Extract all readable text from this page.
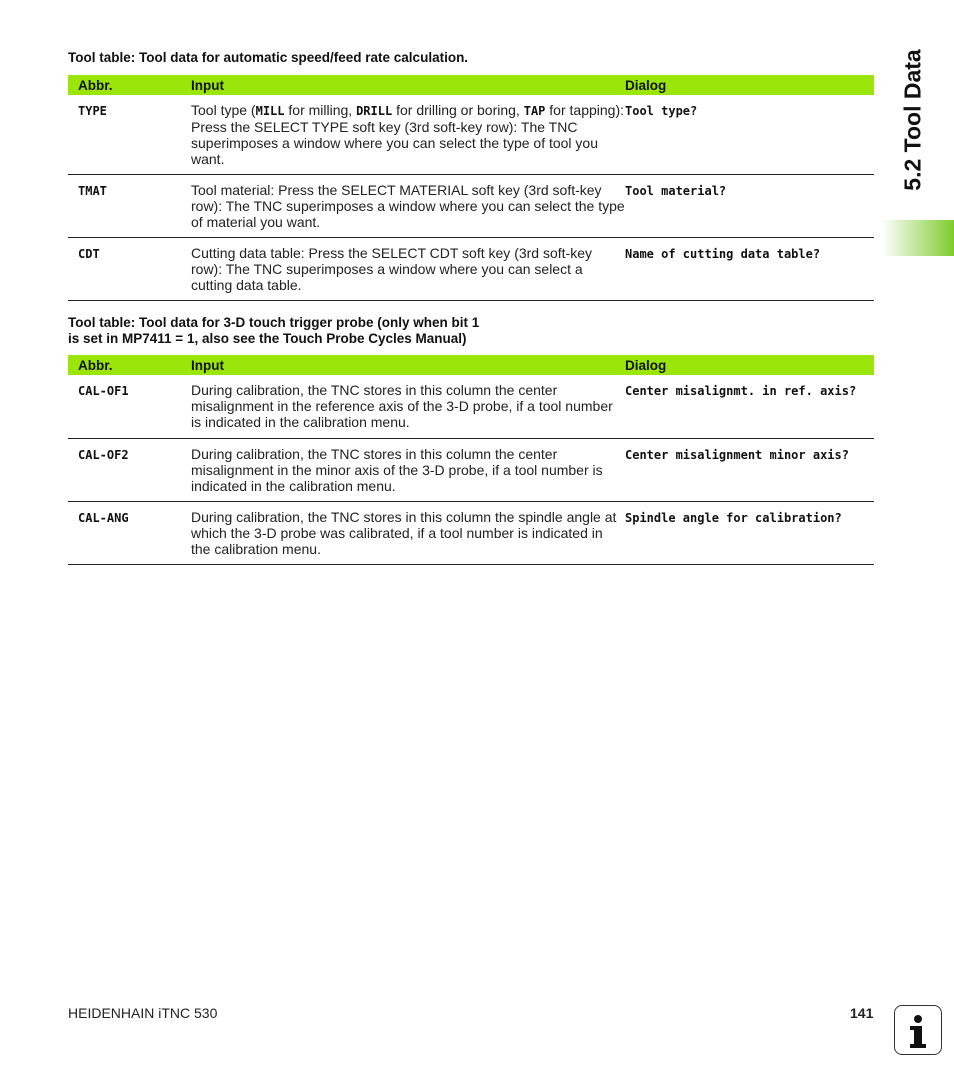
Tool table: Tool data for automatic speed/feed rate calculation.
Abbr.	Input	Dialog

TYPE	Tool type (MILL for milling, DRILL for drilling or boring, TAP for tapping): Press the SELECT TYPE soft key (3rd soft-key row): The TNC superimposes a window where you can select the type of tool you want.	Tool type?

TMAT	Tool material: Press the SELECT MATERIAL soft key (3rd soft-key row): The TNC superimposes a window where you can select the type of material you want.	Tool material?

CDT	Cutting data table: Press the SELECT CDT soft key (3rd soft-key row): The TNC superimposes a window where you can select a cutting data table.	Name of cutting data table?
Tool table: Tool data for 3-D touch trigger probe (only when bit 1
is set in MP7411 = 1, also see the Touch Probe Cycles Manual)
Abbr.	Input	Dialog

CAL-OF1	During calibration, the TNC stores in this column the center misalignment in the reference axis of the 3-D probe, if a tool number is indicated in the calibration menu.	Center misalignmt. in ref. axis?

CAL-OF2	During calibration, the TNC stores in this column the center misalignment in the minor axis of the 3-D probe, if a tool number is indicated in the calibration menu.	Center misalignment minor axis?

CAL-ANG	During calibration, the TNC stores in this column the spindle angle at which the 3-D probe was calibrated, if a tool number is indicated in the calibration menu.	Spindle angle for calibration?
5.2 Tool Data
HEIDENHAIN iTNC 530	141
